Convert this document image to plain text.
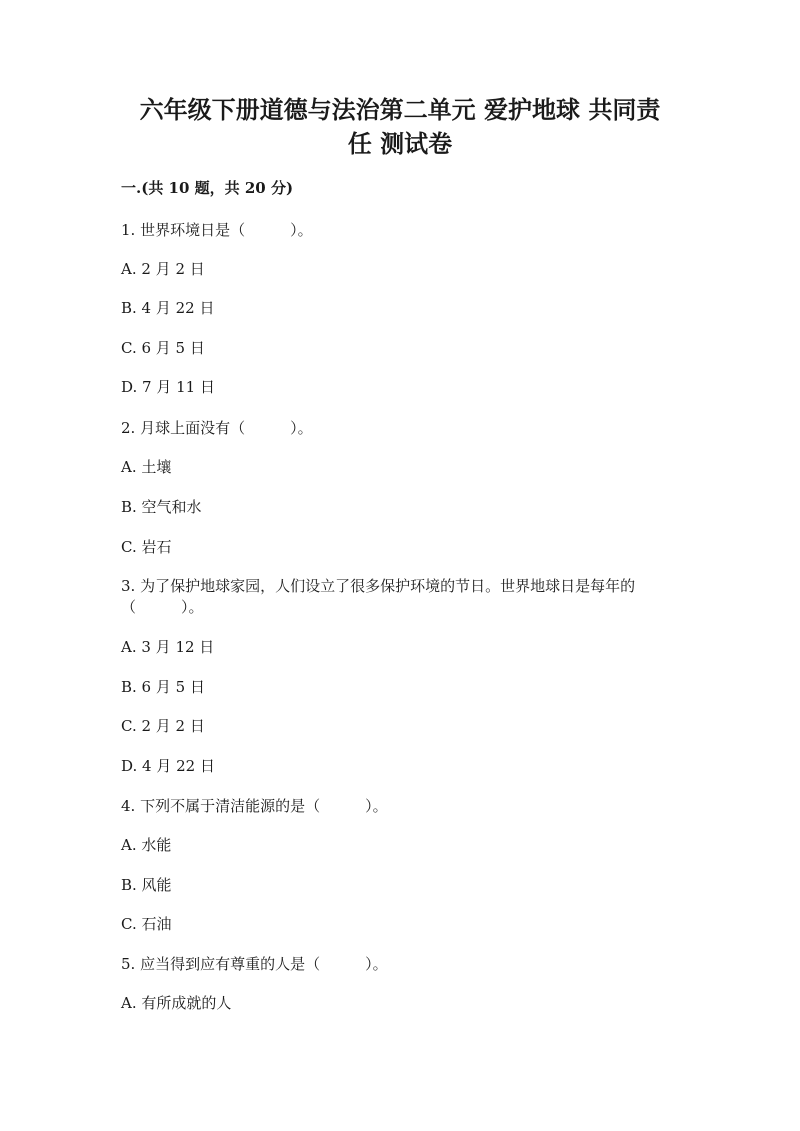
六年级下册道德与法治第二单元 爱护地球 共同责
任 测试卷
一.(共 10 题，共 20 分)
1. 世界环境日是（　　　）。
A. 2 月 2 日
B. 4 月 22 日
C. 6 月 5 日
D. 7 月 11 日
2. 月球上面没有（　　　）。
A. 土壤
B. 空气和水
C. 岩石
3. 为了保护地球家园，人们设立了很多保护环境的节日。世界地球日是每年的
（　　　）。
A. 3 月 12 日
B. 6 月 5 日
C. 2 月 2 日
D. 4 月 22 日
4. 下列不属于清洁能源的是（　　　）。
A. 水能
B. 风能
C. 石油
5. 应当得到应有尊重的人是（　　　）。
A. 有所成就的人
